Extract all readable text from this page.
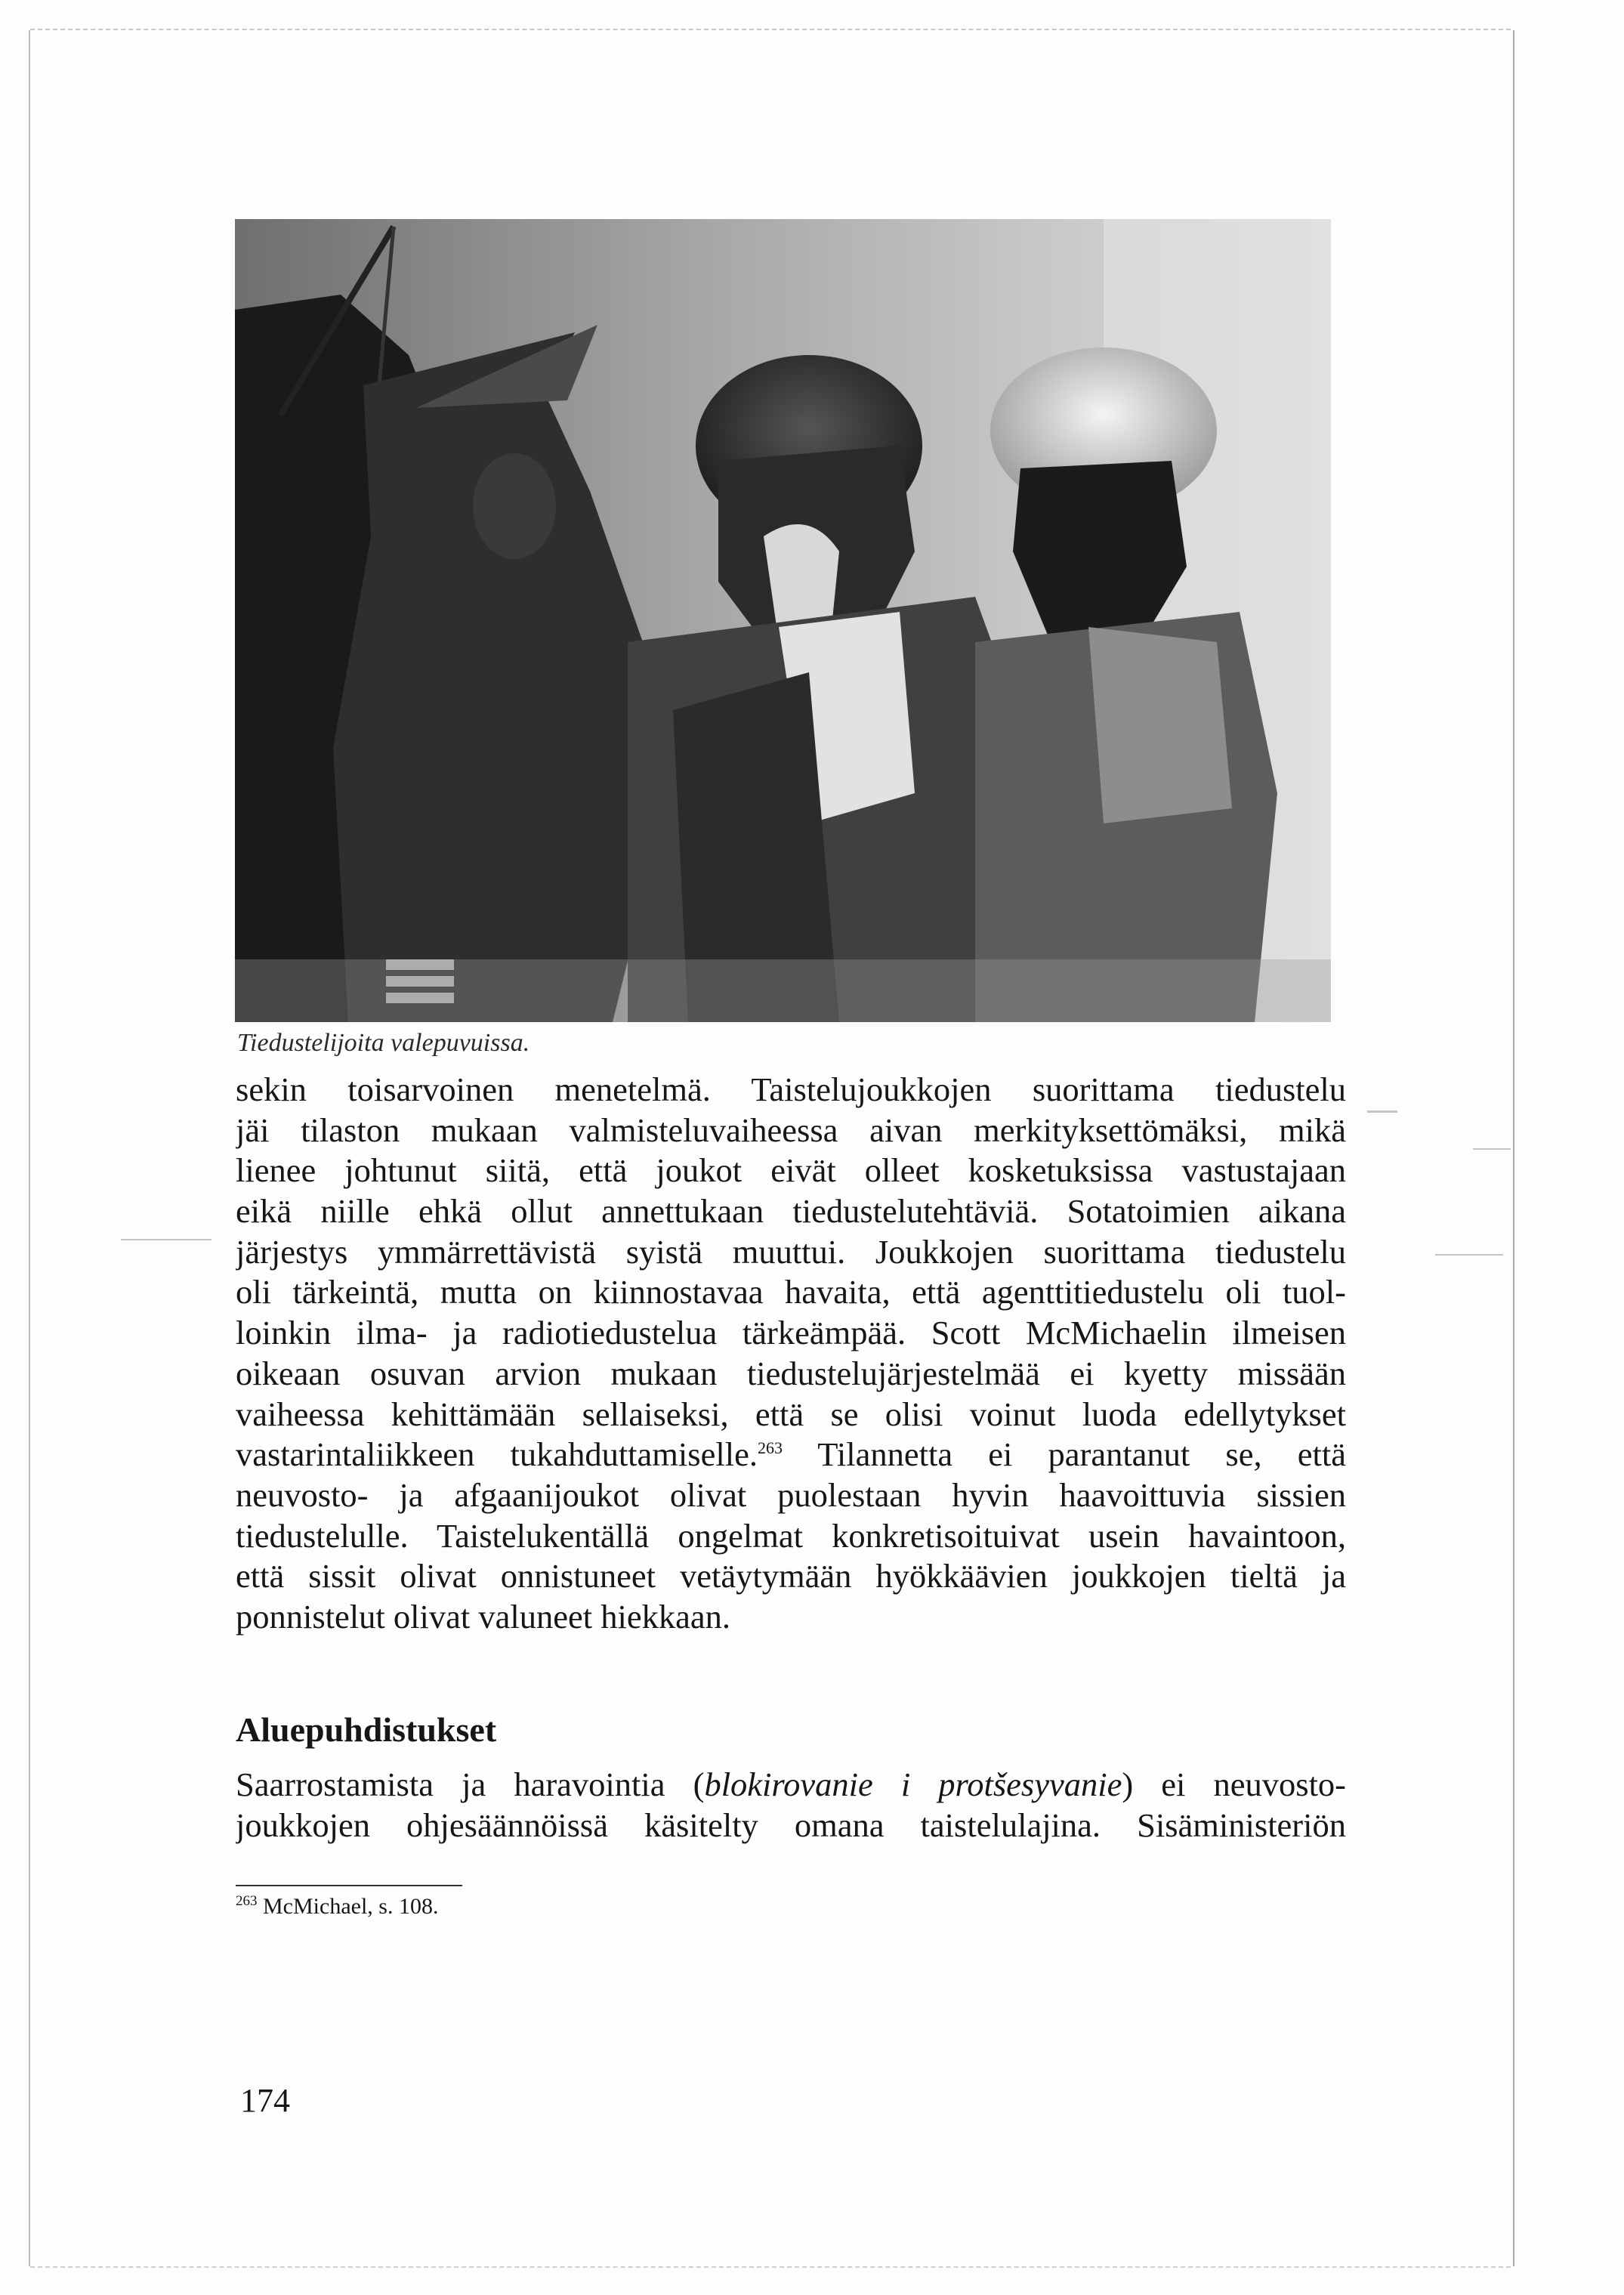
Tiedustelijoita valepuvuissa.
sekin toisarvoinen menetelmä. Taistelujoukkojen suorittama tiedustelu
jäi tilaston mukaan valmisteluvaiheessa aivan merkityksettömäksi, mikä
lienee johtunut siitä, että joukot eivät olleet kosketuksissa vastustajaan
eikä niille ehkä ollut annettukaan tiedustelutehtäviä. Sotatoimien aikana
järjestys ymmärrettävistä syistä muuttui. Joukkojen suorittama tiedustelu
oli tärkeintä, mutta on kiinnostavaa havaita, että agenttitiedustelu oli tuol-
loinkin ilma- ja radiotiedustelua tärkeämpää. Scott McMichaelin ilmeisen
oikeaan osuvan arvion mukaan tiedustelujärjestelmää ei kyetty missään
vaiheessa kehittämään sellaiseksi, että se olisi voinut luoda edellytykset
vastarintaliikkeen tukahduttamiselle.$^{263}$ Tilannetta ei parantanut se, että
neuvosto- ja afgaanijoukot olivat puolestaan hyvin haavoittuvia sissien
tiedustelulle. Taistelukentällä ongelmat konkretisoituivat usein havaintoon,
että sissit olivat onnistuneet vetäytymään hyökkäävien joukkojen tieltä ja
ponnistelut olivat valuneet hiekkaan.
Aluepuhdistukset
Saarrostamista ja haravointia (blokirovanie i protšesyvanie) ei neuvosto-
joukkojen ohjesäännöissä käsitelty omana taistelulajina. Sisäministeriön
$^{263}$ McMichael, s. 108.
174
